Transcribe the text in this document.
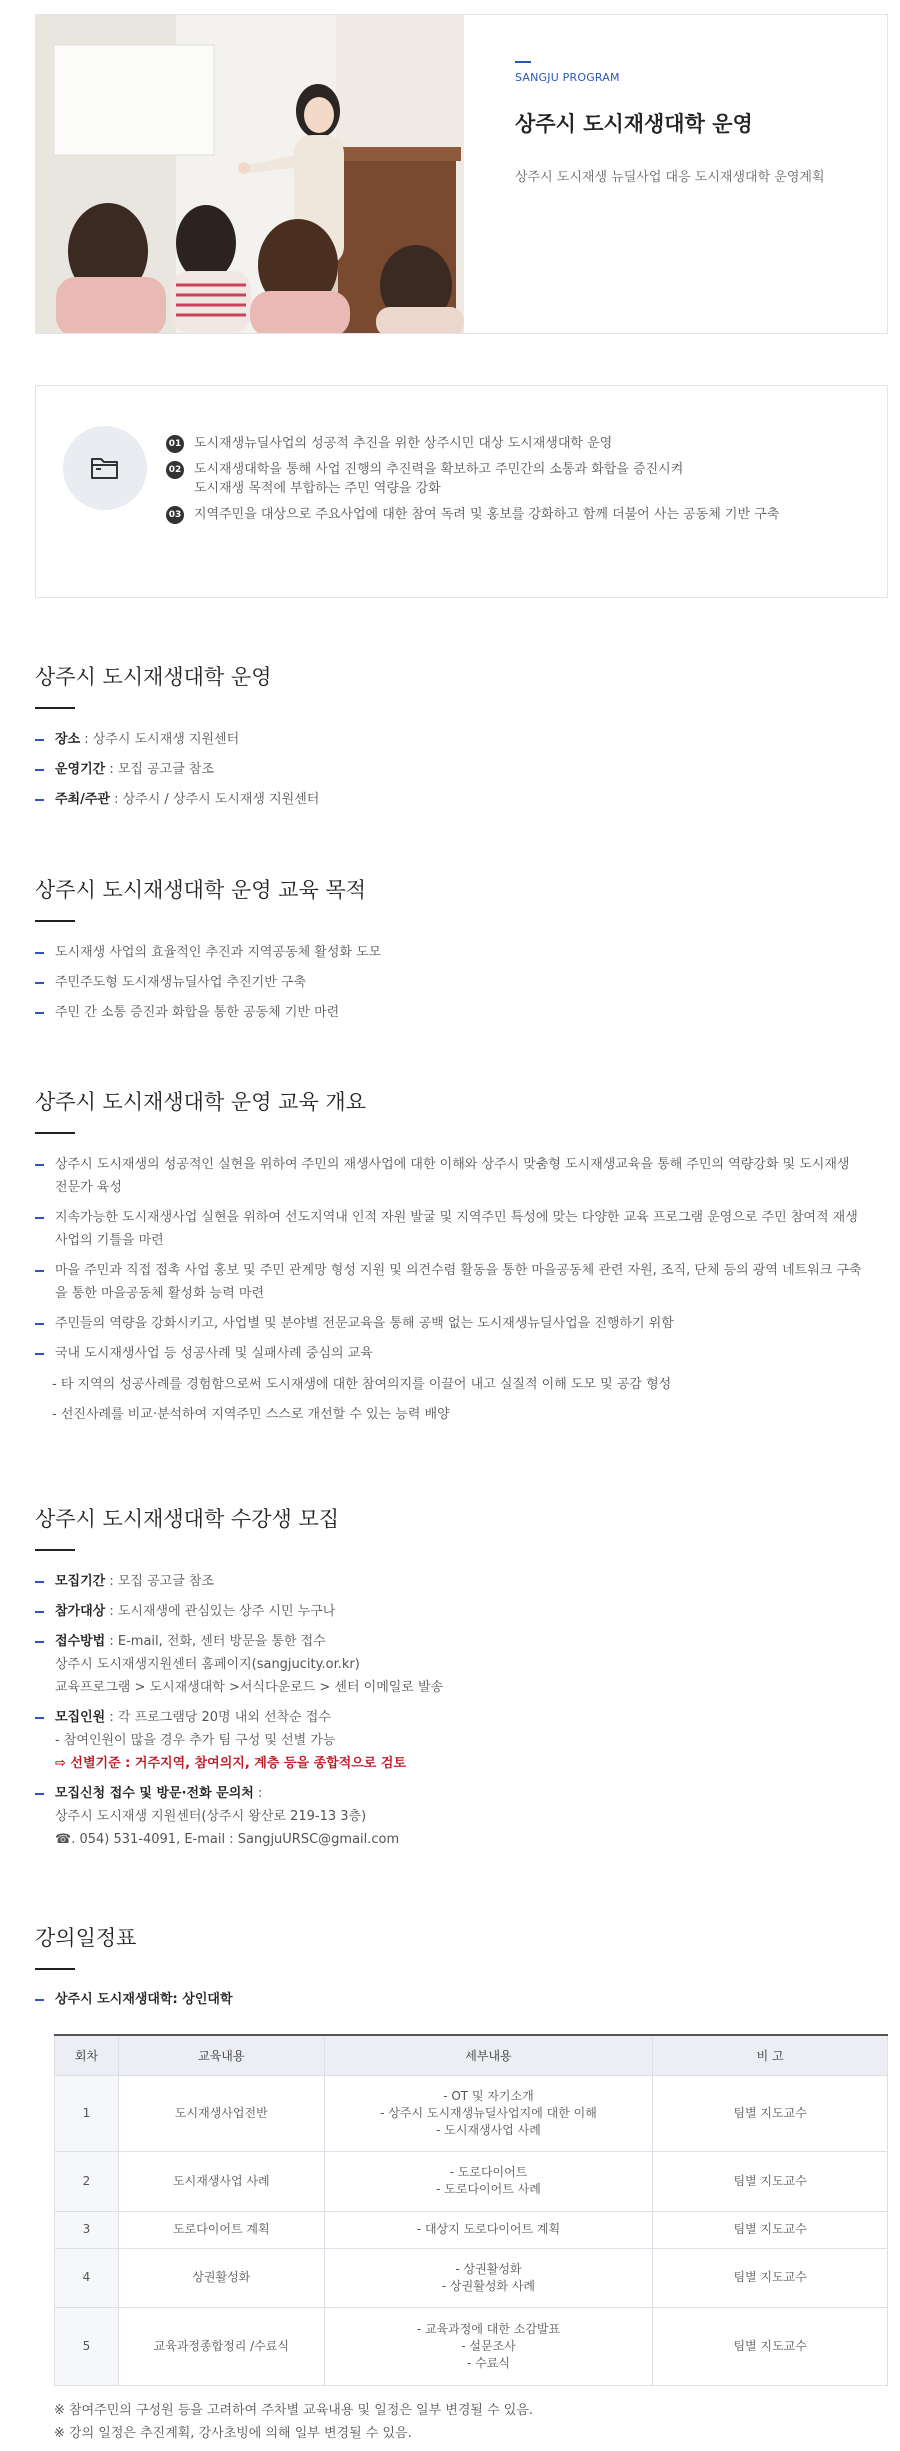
SANGJU PROGRAM
상주시 도시재생대학 운영
상주시 도시재생 뉴딜사업 대응 도시재생대학 운영계획
01 도시재생뉴딜사업의 성공적 추진을 위한 상주시민 대상 도시재생대학 운영
02 도시재생대학을 통해 사업 진행의 추진력을 확보하고 주민간의 소통과 화합을 증진시켜
도시재생 목적에 부합하는 주민 역량을 강화
03 지역주민을 대상으로 주요사업에 대한 참여 독려 및 홍보를 강화하고 함께 더불어 사는 공동체 기반 구축
상주시 도시재생대학 운영
장소 : 상주시 도시재생 지원센터
운영기간 : 모집 공고글 참조
주최/주관 : 상주시 / 상주시 도시재생 지원센터
상주시 도시재생대학 운영 교육 목적
도시재생 사업의 효율적인 추진과 지역공동체 활성화 도모
주민주도형 도시재생뉴딜사업 추진기반 구축
주민 간 소통 증진과 화합을 통한 공동체 기반 마련
상주시 도시재생대학 운영 교육 개요
상주시 도시재생의 성공적인 실현을 위하여 주민의 재생사업에 대한 이해와 상주시 맞춤형 도시재생교육을 통해 주민의 역량강화 및 도시재생
전문가 육성
지속가능한 도시재생사업 실현을 위하여 선도지역내 인적 자원 발굴 및 지역주민 특성에 맞는 다양한 교육 프로그램 운영으로 주민 참여적 재생
사업의 기틀을 마련
마을 주민과 직접 접촉 사업 홍보 및 주민 관계망 형성 지원 및 의견수렴 활동을 통한 마을공동체 관련 자원, 조직, 단체 등의 광역 네트워크 구축
을 통한 마을공동체 활성화 능력 마련
주민들의 역량을 강화시키고, 사업별 및 분야별 전문교육을 통해 공백 없는 도시재생뉴딜사업을 진행하기 위함
국내 도시재생사업 등 성공사례 및 실패사례 중심의 교육
- 타 지역의 성공사례를 경험함으로써 도시재생에 대한 참여의지를 이끌어 내고 실질적 이해 도모 및 공감 형성
- 선진사례를 비교·분석하여 지역주민 스스로 개선할 수 있는 능력 배양
상주시 도시재생대학 수강생 모집
모집기간 : 모집 공고글 참조
참가대상 : 도시재생에 관심있는 상주 시민 누구나
접수방법 : E-mail, 전화, 센터 방문을 통한 접수
상주시 도시재생지원센터 홈페이지(sangjucity.or.kr)
교육프로그램 > 도시재생대학 >서식다운로드 > 센터 이메일로 발송
모집인원 : 각 프로그램당 20명 내외 선착순 접수
- 참여인원이 많을 경우 추가 팀 구성 및 선별 가능
⇨ 선별기준 : 거주지역, 참여의지, 계층 등을 종합적으로 검토
모집신청 접수 및 방문·전화 문의처 :
상주시 도시재생 지원센터(상주시 왕산로 219-13 3층)
☎. 054) 531-4091, E-mail : SangjuURSC@gmail.com
강의일정표
상주시 도시재생대학: 상인대학
회차	교육내용	세부내용	비 고
1	도시재생사업전반	- OT 및 자기소개
- 상주시 도시재생뉴딜사업지에 대한 이해
- 도시재생사업 사례	팀별 지도교수
2	도시재생사업 사례	- 도로다이어트
- 도로다이어트 사례	팀별 지도교수
3	도로다이어트 계획	- 대상지 도로다이어트 계획	팀별 지도교수
4	상권활성화	- 상권활성화
- 상권활성화 사례	팀별 지도교수
5	교육과정종합정리 /수료식	- 교육과정에 대한 소감발표
- 설문조사
- 수료식	팀별 지도교수
※ 참여주민의 구성원 등을 고려하여 주차별 교육내용 및 일정은 일부 변경될 수 있음.
※ 강의 일정은 추진계획, 강사초빙에 의해 일부 변경될 수 있음.
